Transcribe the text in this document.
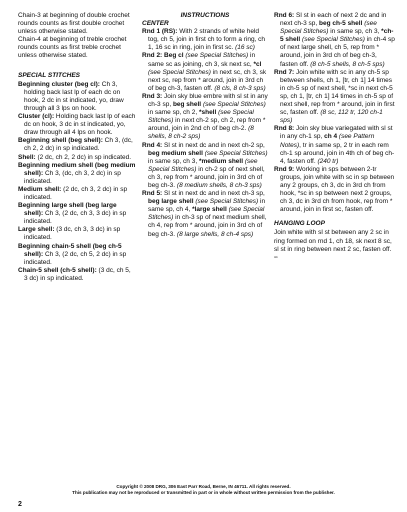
Chain-3 at beginning of double crochet rounds counts as first double crochet unless otherwise stated.

Chain-4 at beginning of treble crochet rounds counts as first treble crochet unless otherwise stated.

SPECIAL STITCHES

Beginning cluster (beg cl): Ch 3, holding back last lp of each dc on hook, 2 dc in st indicated, yo, draw through all 3 lps on hook.

Cluster (cl): Holding back last lp of each dc on hook, 3 dc in st indicated, yo, draw through all 4 lps on hook.

Beginning shell (beg shell): Ch 3, (dc, ch 2, 2 dc) in sp indicated.

Shell: (2 dc, ch 2, 2 dc) in sp indicated.

Beginning medium shell (beg medium shell): Ch 3, (dc, ch 3, 2 dc) in sp indicated.

Medium shell: (2 dc, ch 3, 2 dc) in sp indicated.

Beginning large shell (beg large shell): Ch 3, (2 dc, ch 3, 3 dc) in sp indicated.

Large shell: (3 dc, ch 3, 3 dc) in sp indicated.

Beginning chain-5 shell (beg ch-5 shell): Ch 3, (2 dc, ch 5, 2 dc) in sp indicated.

Chain-5 shell (ch-5 shell): (3 dc, ch 5, 3 dc) in sp indicated.

INSTRUCTIONS

CENTER

Rnd 1 (RS): With 2 strands of white held tog, ch 5, join in first ch to form a ring, ch 1, 16 sc in ring, join in first sc. (16 sc)

Rnd 2: Beg cl (see Special Stitches) in same sc as joining, ch 3, sk next sc, *cl (see Special Stitches) in next sc, ch 3, sk next sc, rep from * around, join in 3rd ch of beg ch-3, fasten off. (8 cls, 8 ch-3 sps)

Rnd 3: Join sky blue embre with sl st in any ch-3 sp, beg shell (see Special Stitches) in same sp, ch 2, *shell (see Special Stitches) in next ch-2 sp, ch 2, rep from * around, join in 2nd ch of beg ch-2. (8 shells, 8 ch-2 sps)

Rnd 4: Sl st in next dc and in next ch-2 sp, beg medium shell (see Special Stitches) in same sp, ch 3, *medium shell (see Special Stitches) in ch-2 sp of next shell, ch 3, rep from * around, join in 3rd ch of beg ch-3. (8 medium shells, 8 ch-3 sps)

Rnd 5: Sl st in next dc and in next ch-3 sp, beg large shell (see Special Stitches) in same sp, ch 4, *large shell (see Special Stitches) in ch-3 sp of next medium shell, ch 4, rep from * around, join in 3rd ch of beg ch-3. (8 large shells, 8 ch-4 sps)

Rnd 6: Sl st in each of next 2 dc and in next ch-3 sp, beg ch-5 shell (see Special Stitches) in same sp, ch 3, *ch-5 shell (see Special Stitches) in ch-4 sp of next large shell, ch 5, rep from * around, join in 3rd ch of beg ch-3, fasten off. (8 ch-5 shells, 8 ch-5 sps)

Rnd 7: Join white with sc in any ch-5 sp between shells, ch 1, [tr, ch 1] 14 times in ch-5 sp of next shell, *sc in next ch-5 sp, ch 1, [tr, ch 1] 14 times in ch-5 sp of next shell, rep from * around, join in first sc, fasten off. (8 sc, 112 tr, 120 ch-1 sps)

Rnd 8: Join sky blue variegated with sl st in any ch-1 sp, ch 4 (see Pattern Notes), tr in same sp, 2 tr in each rem ch-1 sp around, join in 4th ch of beg ch-4, fasten off. (240 tr)

Rnd 9: Working in sps between 2-tr groups, join white with sc in sp between any 2 groups, ch 3, dc in 3rd ch from hook, *sc in sp between next 2 groups, ch 3, dc in 3rd ch from hook, rep from * around, join in first sc, fasten off.

HANGING LOOP

Join white with sl st between any 2 sc in ring formed on rnd 1, ch 18, sk next 8 sc, sl st in ring between next 2 sc, fasten off. ▫▫

Copyright © 2008 DRG, 306 East Parr Road, Berne, IN 46711. All rights reserved.
This publication may not be reproduced or transmitted in part or in whole without written permission from the publisher.
2
